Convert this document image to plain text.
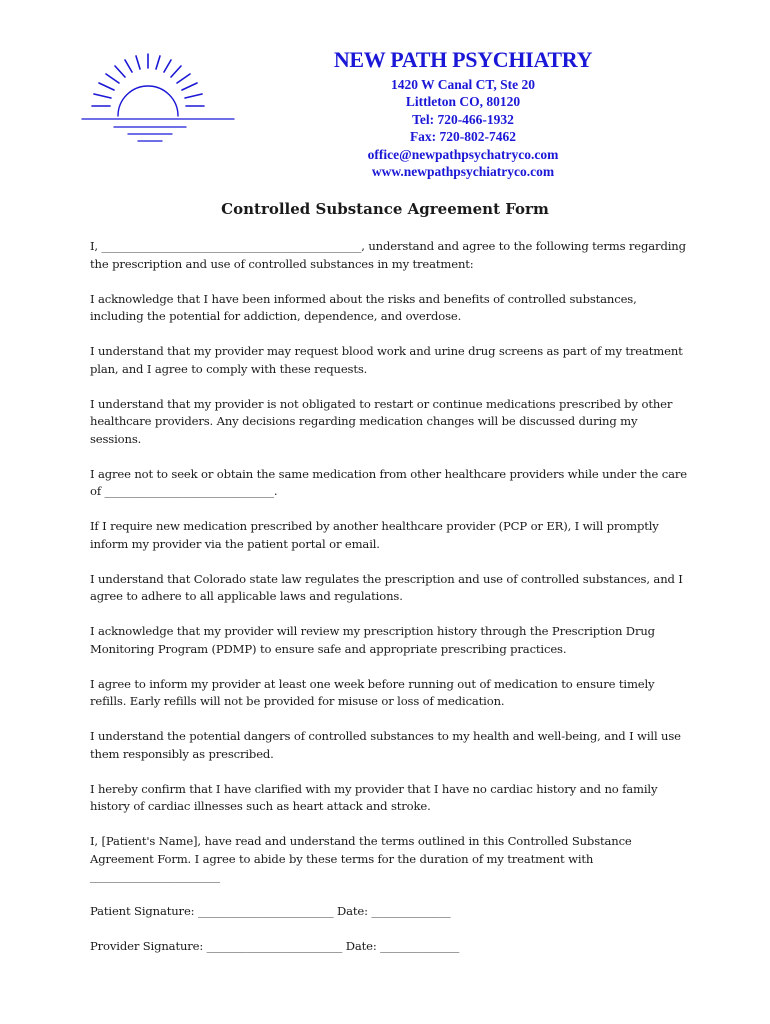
NEW PATH PSYCHIATRY
1420 W Canal CT, Ste 20
Littleton CO, 80120
Tel: 720-466-1932
Fax: 720-802-7462
office@newpathpsychatryco.com
www.newpathpsychiatryco.com
Controlled Substance Agreement Form

I, ______________________________________________, understand and agree to the following terms regarding the prescription and use of controlled substances in my treatment:

I acknowledge that I have been informed about the risks and benefits of controlled substances, including the potential for addiction, dependence, and overdose.

I understand that my provider may request blood work and urine drug screens as part of my treatment plan, and I agree to comply with these requests.

I understand that my provider is not obligated to restart or continue medications prescribed by other healthcare providers. Any decisions regarding medication changes will be discussed during my sessions.

I agree not to seek or obtain the same medication from other healthcare providers while under the care of ______________________________.

If I require new medication prescribed by another healthcare provider (PCP or ER), I will promptly inform my provider via the patient portal or email.

I understand that Colorado state law regulates the prescription and use of controlled substances, and I agree to adhere to all applicable laws and regulations.

I acknowledge that my provider will review my prescription history through the Prescription Drug Monitoring Program (PDMP) to ensure safe and appropriate prescribing practices.

I agree to inform my provider at least one week before running out of medication to ensure timely refills. Early refills will not be provided for misuse or loss of medication.

I understand the potential dangers of controlled substances to my health and well-being, and I will use them responsibly as prescribed.

I hereby confirm that I have clarified with my provider that I have no cardiac history and no family history of cardiac illnesses such as heart attack and stroke.

I, [Patient's Name], have read and understand the terms outlined in this Controlled Substance Agreement Form. I agree to abide by these terms for the duration of my treatment with _______________________

Patient Signature: ________________________ Date: ______________

Provider Signature: ________________________ Date: ______________
